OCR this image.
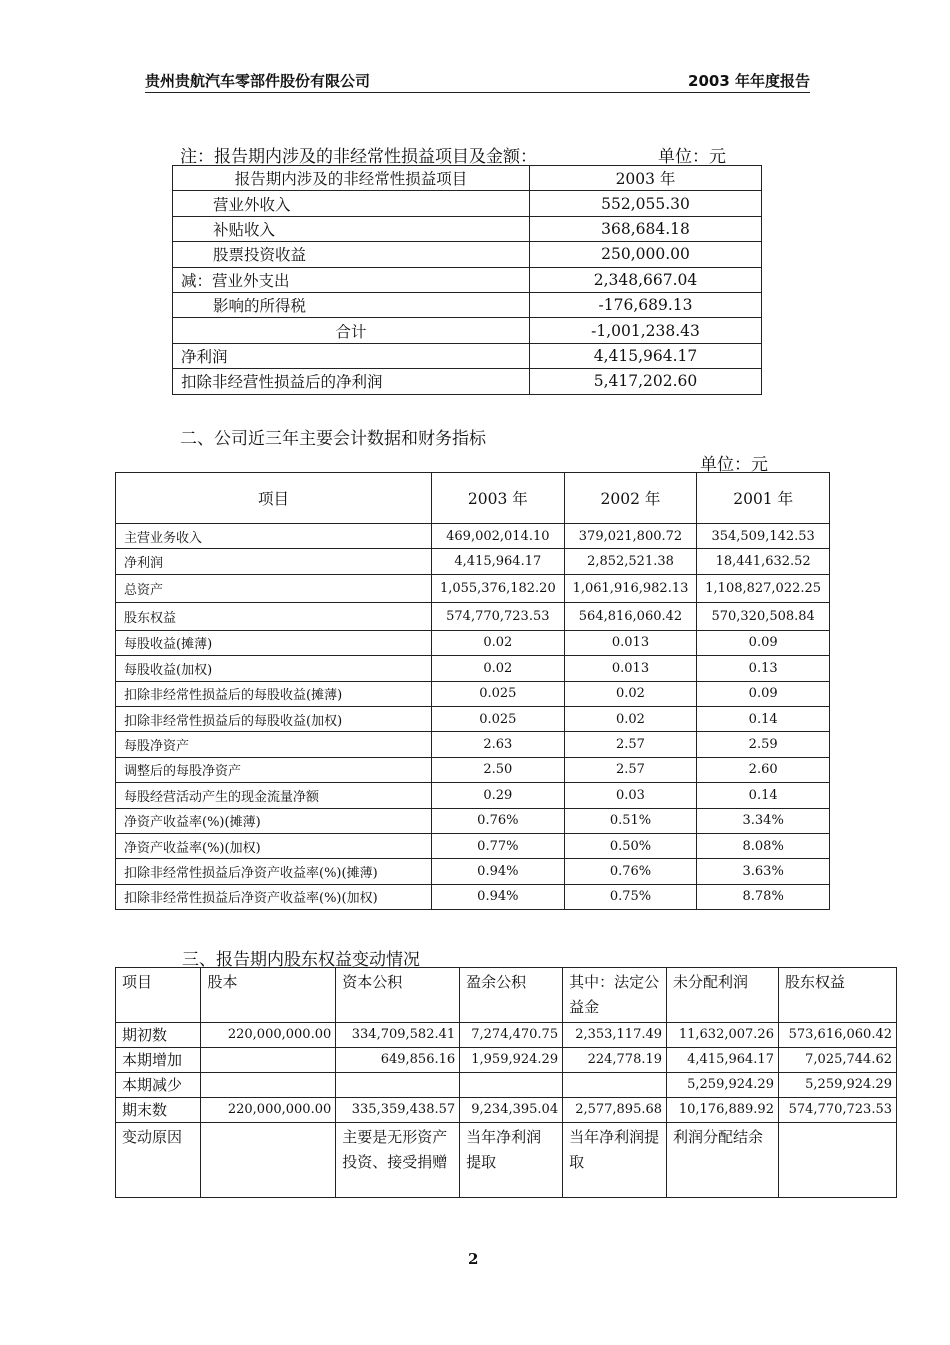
贵州贵航汽车零部件股份有限公司	2003 年年度报告
注：报告期内涉及的非经常性损益项目及金额：	单位：元
报告期内涉及的非经常性损益项目	2003 年
营业外收入	552,055.30
补贴收入	368,684.18
股票投资收益	250,000.00
减：营业外支出	2,348,667.04
影响的所得税	-176,689.13
合计	-1,001,238.43
净利润	4,415,964.17
扣除非经营性损益后的净利润	5,417,202.60
二、公司近三年主要会计数据和财务指标
单位：元
项目	2003 年	2002 年	2001 年
主营业务收入	469,002,014.10	379,021,800.72	354,509,142.53
净利润	4,415,964.17	2,852,521.38	18,441,632.52
总资产	1,055,376,182.20	1,061,916,982.13	1,108,827,022.25
股东权益	574,770,723.53	564,816,060.42	570,320,508.84
每股收益(摊薄)	0.02	0.013	0.09
每股收益(加权)	0.02	0.013	0.13
扣除非经常性损益后的每股收益(摊薄)	0.025	0.02	0.09
扣除非经常性损益后的每股收益(加权)	0.025	0.02	0.14
每股净资产	2.63	2.57	2.59
调整后的每股净资产	2.50	2.57	2.60
每股经营活动产生的现金流量净额	0.29	0.03	0.14
净资产收益率(%)(摊薄)	0.76%	0.51%	3.34%
净资产收益率(%)(加权)	0.77%	0.50%	8.08%
扣除非经常性损益后净资产收益率(%)(摊薄)	0.94%	0.76%	3.63%
扣除非经常性损益后净资产收益率(%)(加权)	0.94%	0.75%	8.78%
三、报告期内股东权益变动情况
项目	股本	资本公积	盈余公积	其中：法定公益金	未分配利润	股东权益
期初数	220,000,000.00	334,709,582.41	7,274,470.75	2,353,117.49	11,632,007.26	573,616,060.42
本期增加		649,856.16	1,959,924.29	224,778.19	4,415,964.17	7,025,744.62
本期减少					5,259,924.29	5,259,924.29
期末数	220,000,000.00	335,359,438.57	9,234,395.04	2,577,895.68	10,176,889.92	574,770,723.53
变动原因		主要是无形资产投资、接受捐赠	当年净利润提取	当年净利润提取	利润分配结余	
2
